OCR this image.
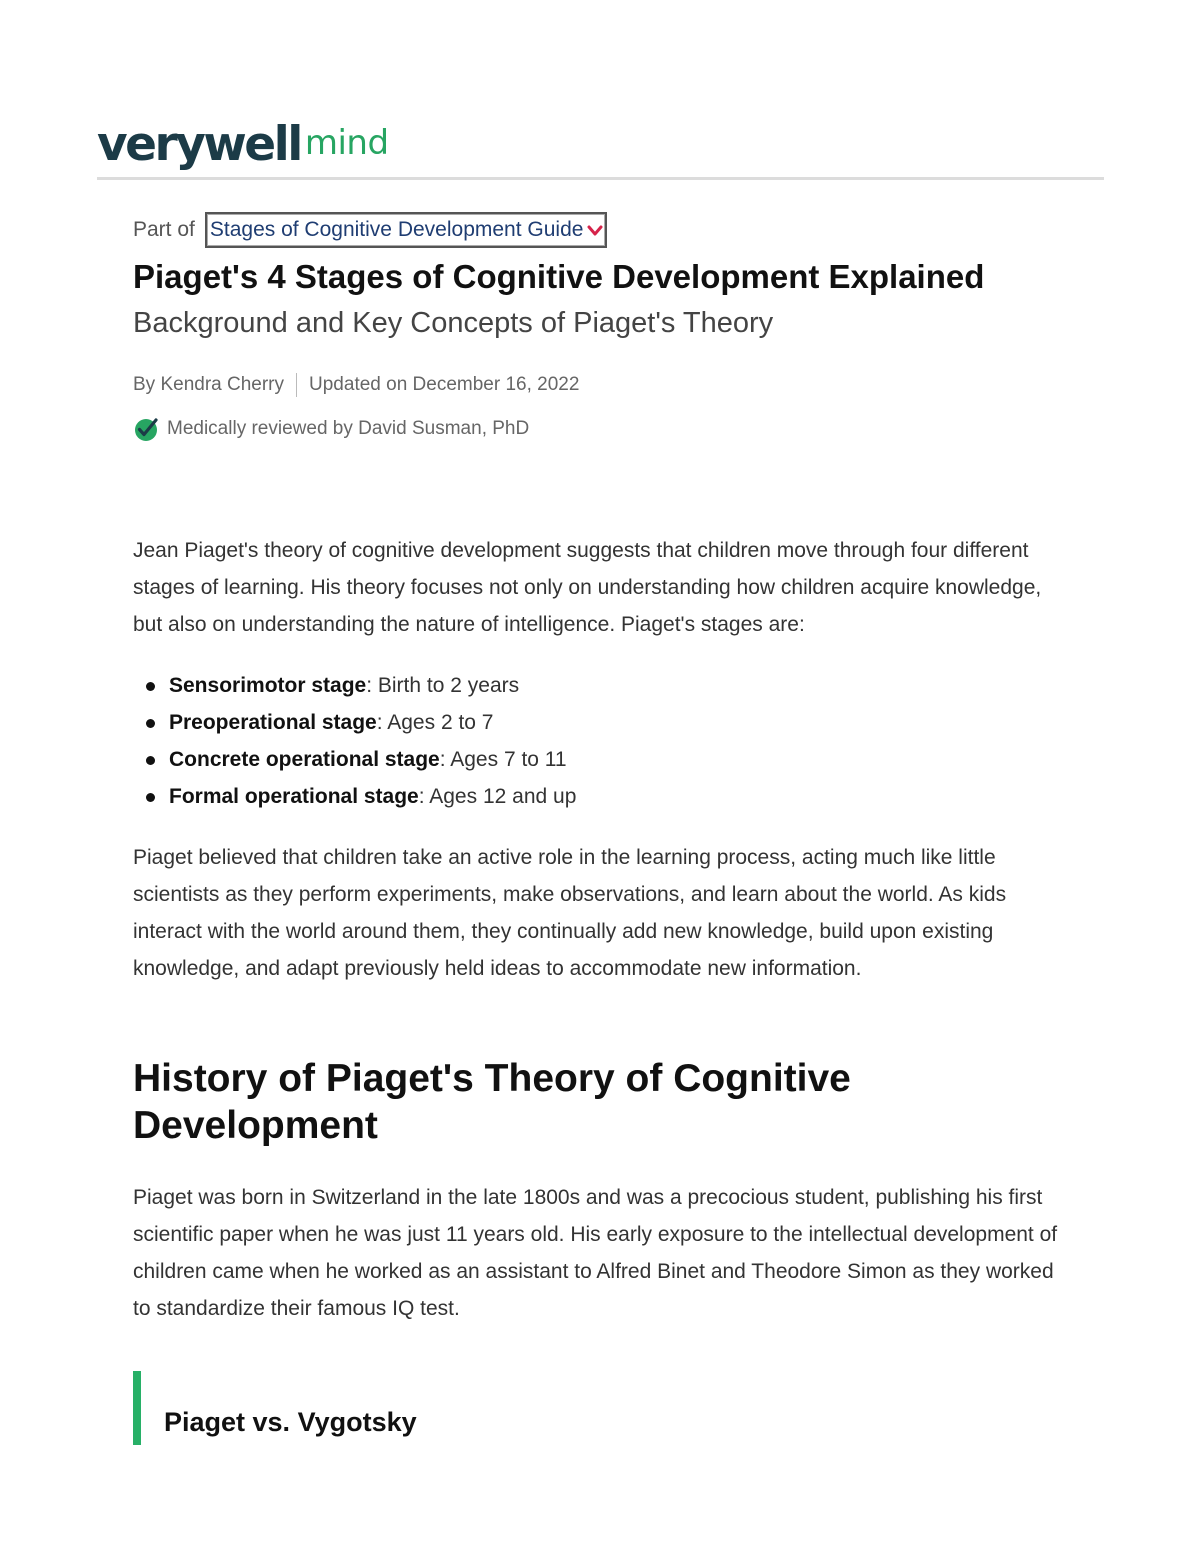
verywell mind
Part of Stages of Cognitive Development Guide
Piaget's 4 Stages of Cognitive Development Explained
Background and Key Concepts of Piaget's Theory
By Kendra Cherry Updated on December 16, 2022
Medically reviewed by David Susman, PhD

Jean Piaget's theory of cognitive development suggests that children move through four different stages of learning. His theory focuses not only on understanding how children acquire knowledge, but also on understanding the nature of intelligence. Piaget's stages are:

Sensorimotor stage: Birth to 2 years
Preoperational stage: Ages 2 to 7
Concrete operational stage: Ages 7 to 11
Formal operational stage: Ages 12 and up

Piaget believed that children take an active role in the learning process, acting much like little scientists as they perform experiments, make observations, and learn about the world. As kids interact with the world around them, they continually add new knowledge, build upon existing knowledge, and adapt previously held ideas to accommodate new information.

History of Piaget's Theory of Cognitive Development

Piaget was born in Switzerland in the late 1800s and was a precocious student, publishing his first scientific paper when he was just 11 years old. His early exposure to the intellectual development of children came when he worked as an assistant to Alfred Binet and Theodore Simon as they worked to standardize their famous IQ test.

Piaget vs. Vygotsky
